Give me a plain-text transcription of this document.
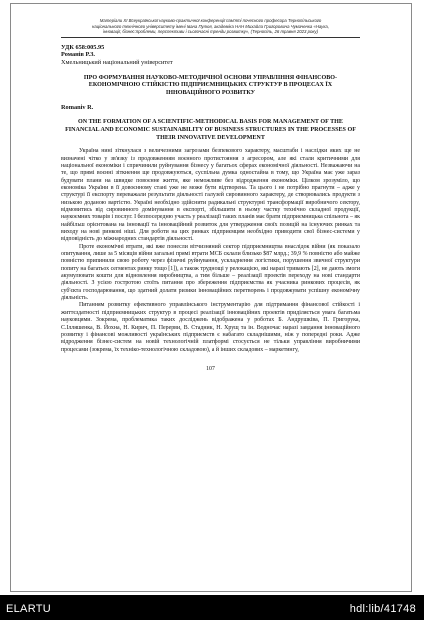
Матеріали ХІ Всеукраїнської науково-практичної конференції пам'яті почесного професора Тернопільського
національного технічного університету імені Івана Пулюя, академіка НАН Михайла Григоровича Чумаченка «Наука,
інновації, бізнес:проблеми, перспективи і сьогочасні тренди розвитку», (Тернопіль, 26 травня 2023 року)

УДК 658:005.95

Романів Р.З.

Хмельницький національний університет

ПРО ФОРМУВАННЯ НАУКОВО-МЕТОДИЧНОЇ ОСНОВИ УПРАВЛІННЯ ФІНАНСОВО-ЕКОНОМІЧНОЮ СТІЙКІСТЮ ПІДПРИЄМНИЦЬКИХ СТРУКТУР В ПРОЦЕСАХ ЇХ ІННОВАЦІЙНОГО РОЗВИТКУ

Romaniv R.

ON THE FORMATION OF A SCIENTIFIC-METHODICAL BASIS FOR MANAGEMENT OF THE FINANCIAL AND ECONOMIC SUSTAINABILITY OF BUSINESS STRUCTURES IN THE PROCESSES OF THEIR INNOVATIVE DEVELOPMENT

Україна нині зіткнулася з величезними загрозами безпекового характеру, масштаби і наслідки яких ще не визначені чітко у зв'язку із продовженням воєнного протистояння з агресором, але які стали критичними для національної економіки і спричинили руйнування бізнесу у багатьох сферах економічної діяльності. Незважаючи на те, що прямі воєнні зіткнення ще продовжуються, суспільна думка одностайна в тому, що Україна має уже зараз будувати плани на швидке повоєнне життя, яке неможливе без відродження економіки. Цілком зрозуміло, що економіка України в її довоєнному стані уже не може бути відтворена. Та цього і не потрібно прагнути – адже у структурі її експорту переважали результати діяльності галузей сировинного характеру, де створювались продукти з низькою доданою вартістю. Україні необхідно здійснити радикальні структурні трансформації виробничого сектору, відмовитись від сировинного домінування в експорті, збільшити в ньому частку технічно складної продукції, наукоємних товарів і послуг. І безпосередню участь у реалізації таких планів має брати підприємницька спільнота – як найбільш орієнтована на інновації та інноваційний розвиток для утвердження своїх позицій на існуючих ринках та виходу на нові ринкові ніші. Для роботи на цих ринках підприємцям необхідно приводити свої бізнес-системи у відповідність до міжнародних стандартів діяльності.

Проте економічні втрати, які вже понесли вітчизняний сектор підприємництва внаслідок війни (як показало опитування, лише за 5 місяців війни загальні прямі втрати МСБ склали близько $87 млрд.; 39,9 % повністю або майже повністю припинили свою роботу через фізичні руйнування, ускладнення логістики, порушення звичної структури попиту на багатьох сегментах ринку тощо [1]), а також труднощі у релокацією, які наразі тривають [2], не дають змоги акумулювати кошти для відновлення виробництва, а тим більше – реалізації проектів переходу на нові стандарти діяльності. З усією гостротою стоїть питання про збереження підприємства як учасника ринкових процесів, як суб'єкта господарювання, що здатний долати ризики інноваційних перетворень і продовжувати успішну економічну діяльність.

Питанням розвитку ефективного управлінського інструментарію для підтримання фінансової стійкості і життєздатності підприємницьких структур в процесі реалізації інноваційних проектів приділяється увага багатьма науковцями. Зокрема, проблематика таких досліджень відображена у роботах Б. Андрушківа, П. Григорука, С.Ілляшенка, В. Йохна, Н. Кирич, П. Перерви, В. Стадник, Н. Хрущ та ін. Водночас наразі завдання інноваційного розвитку і фінансові можливості українських підприємств є набагато складнішими, ніж у попередні роки. Адже відродження бізнес-систем на новій технологічній платформі стосується не тільки управління виробничими процесами (зокрема, їх техніко-технологічною складовою), а й інших складових – маркетингу,

107
ELARTU	hdl:lib/41748
